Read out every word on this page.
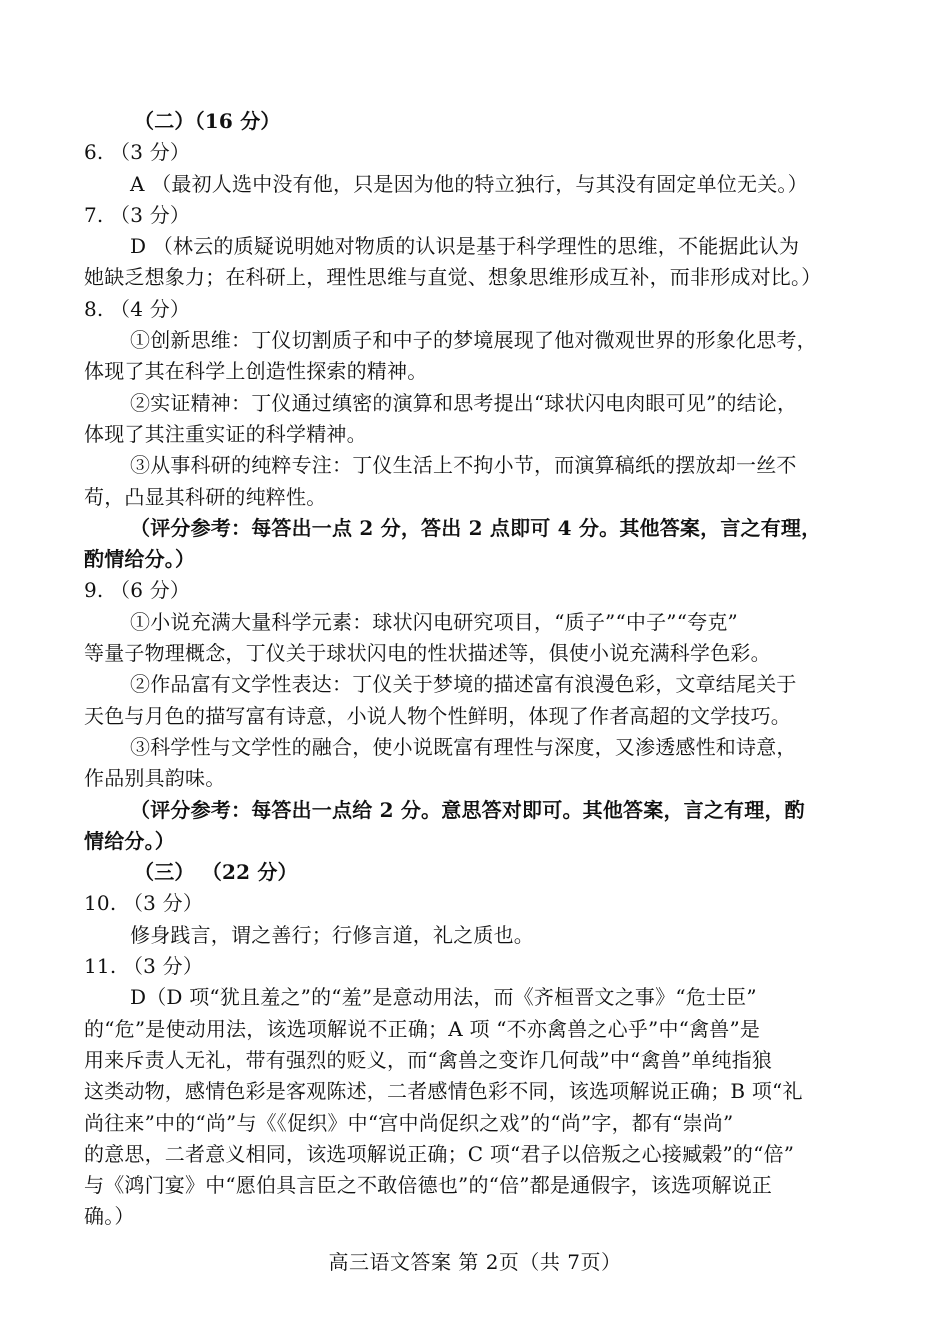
（二）（16 分）
6. （3 分）
A （最初人选中没有他，只是因为他的特立独行，与其没有固定单位无关。）
7. （3 分）
D （林云的质疑说明她对物质的认识是基于科学理性的思维，不能据此认为
她缺乏想象力；在科研上，理性思维与直觉、想象思维形成互补，而非形成对比。）
8. （4 分）
①创新思维：丁仪切割质子和中子的梦境展现了他对微观世界的形象化思考，
体现了其在科学上创造性探索的精神。
②实证精神：丁仪通过缜密的演算和思考提出“球状闪电肉眼可见”的结论，
体现了其注重实证的科学精神。
③从事科研的纯粹专注：丁仪生活上不拘小节，而演算稿纸的摆放却一丝不
苟，凸显其科研的纯粹性。
（评分参考：每答出一点 2 分，答出 2 点即可 4 分。其他答案，言之有理，
酌情给分。）
9. （6 分）
①小说充满大量科学元素：球状闪电研究项目，“质子”“中子”“夸克”
等量子物理概念，丁仪关于球状闪电的性状描述等，俱使小说充满科学色彩。
②作品富有文学性表达：丁仪关于梦境的描述富有浪漫色彩，文章结尾关于
天色与月色的描写富有诗意，小说人物个性鲜明，体现了作者高超的文学技巧。
③科学性与文学性的融合，使小说既富有理性与深度，又渗透感性和诗意，
作品别具韵味。
（评分参考：每答出一点给 2 分。意思答对即可。其他答案，言之有理，酌
情给分。）
（三） （22 分）
10. （3 分）
修身践言，谓之善行；行修言道，礼之质也。
11. （3 分）
D（D 项“犹且羞之”的“羞”是意动用法，而《齐桓晋文之事》“危士臣”
的“危”是使动用法，该选项解说不正确；A 项 “不亦禽兽之心乎”中“禽兽”是
用来斥责人无礼，带有强烈的贬义，而“禽兽之变诈几何哉”中“禽兽”单纯指狼
这类动物，感情色彩是客观陈述，二者感情色彩不同，该选项解说正确；B 项“礼
尚往来”中的“尚”与《《促织》中“宫中尚促织之戏”的“尚”字，都有“崇尚”
的意思，二者意义相同，该选项解说正确；C 项“君子以倍叛之心接臧榖”的“倍”
与《鸿门宴》中“愿伯具言臣之不敢倍德也”的“倍”都是通假字，该选项解说正
确。）
高三语文答案 第 2页（共 7页）
